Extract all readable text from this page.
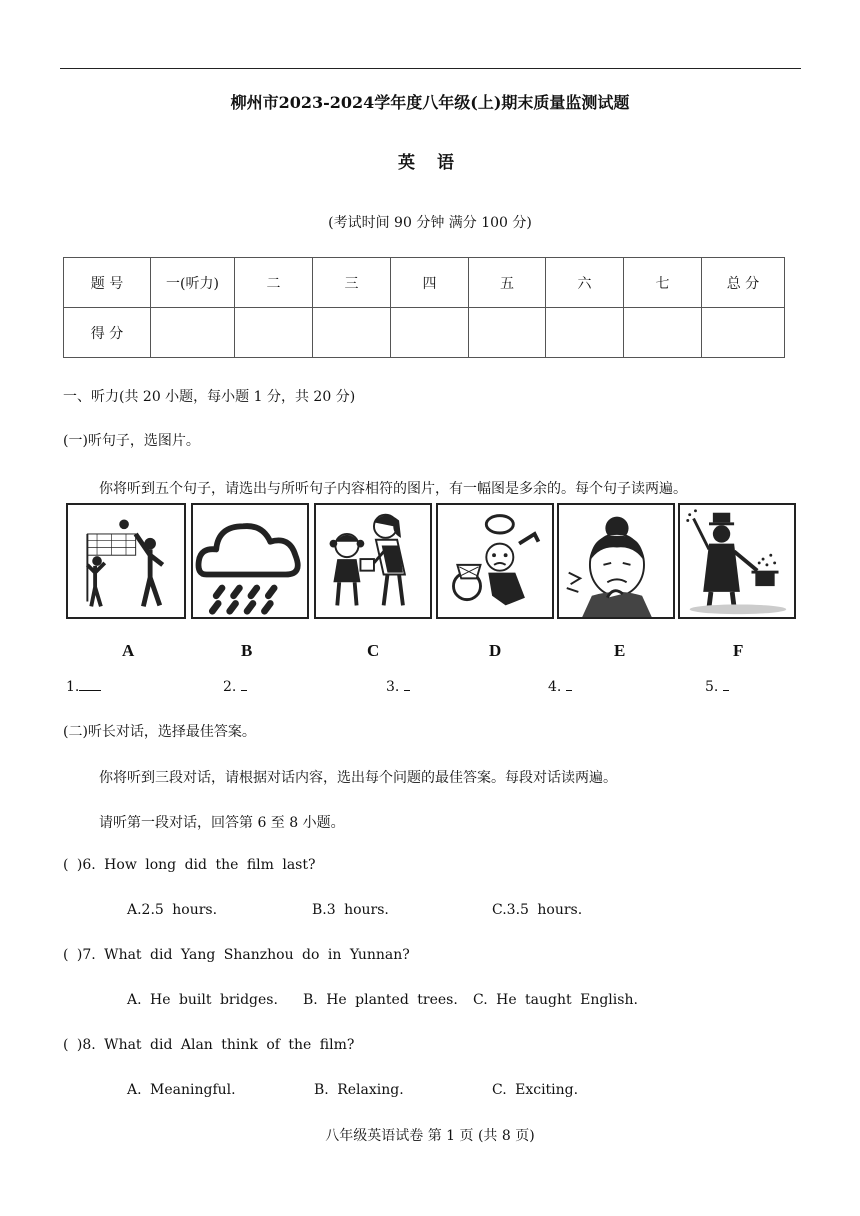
柳州市2023-2024学年度八年级(上)期末质量监测试题
英 语
(考试时间 90 分钟 满分 100 分)
题 号	一(听力)	二	三	四	五	六	七	总 分
得 分								
一、听力(共 20 小题，每小题 1 分，共 20 分)
(一)听句子，选图片。
你将听到五个句子，请选出与所听句子内容相符的图片，有一幅图是多余的。每个句子读两遍。
A	B	C	D	E	F
1.	2.	3.	4.	5.
(二)听长对话，选择最佳答案。
你将听到三段对话，请根据对话内容，选出每个问题的最佳答案。每段对话读两遍。
请听第一段对话，回答第 6 至 8 小题。
( )6. How long did the film last?
A.2.5 hours.	B.3 hours.	C.3.5 hours.
( )7. What did Yang Shanzhou do in Yunnan?
A. He built bridges. B. He planted trees. C. He taught English.
( )8. What did Alan think of the film?
A. Meaningful.	B. Relaxing.	C. Exciting.
八年级英语试卷 第 1 页 (共 8 页)
